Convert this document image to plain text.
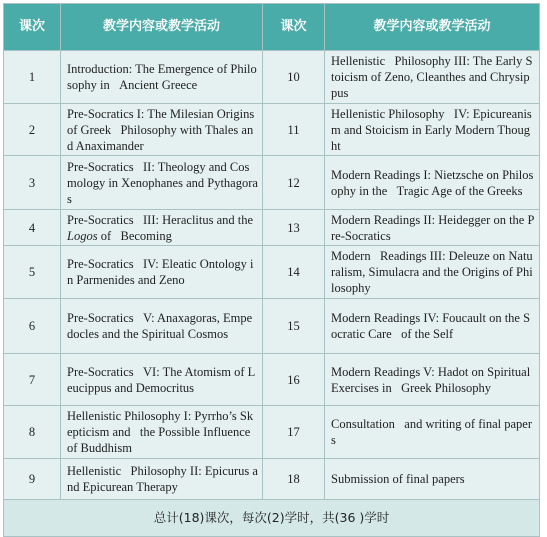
课次	教学内容或教学活动	课次	教学内容或教学活动
1	Introduction: The Emergence of Philosophy in   Ancient Greece	10	Hellenistic   Philosophy III: The Early Stoicism of Zeno, Cleanthes and Chrysippus
2	Pre-Socratics I: The Milesian Origins of Greek   Philosophy with Thales and Anaximander	11	Hellenistic Philosophy   IV: Epicureanism and Stoicism in Early Modern Thought
3	Pre-Socratics   II: Theology and Cosmology in Xenophanes and Pythagoras	12	Modern Readings I: Nietzsche on Philosophy in the   Tragic Age of the Greeks
4	Pre-Socratics   III: Heraclitus and the Logos of   Becoming	13	Modern Readings II: Heidegger on the Pre-Socratics
5	Pre-Socratics   IV: Eleatic Ontology in Parmenides and Zeno	14	Modern   Readings III: Deleuze on Naturalism, Simulacra and the Origins of Philosophy
6	Pre-Socratics   V: Anaxagoras, Empedocles and the Spiritual Cosmos	15	Modern Readings IV: Foucault on the Socratic Care   of the Self
7	Pre-Socratics   VI: The Atomism of Leucippus and Democritus	16	Modern Readings V: Hadot on Spiritual Exercises in   Greek Philosophy
8	Hellenistic Philosophy I: Pyrrho’s Skepticism and   the Possible Influence of Buddhism	17	Consultation   and writing of final papers
9	Hellenistic   Philosophy II: Epicurus and Epicurean Therapy	18	Submission of final papers
总计(18)课次，每次(2)学时，共(36 )学时			
